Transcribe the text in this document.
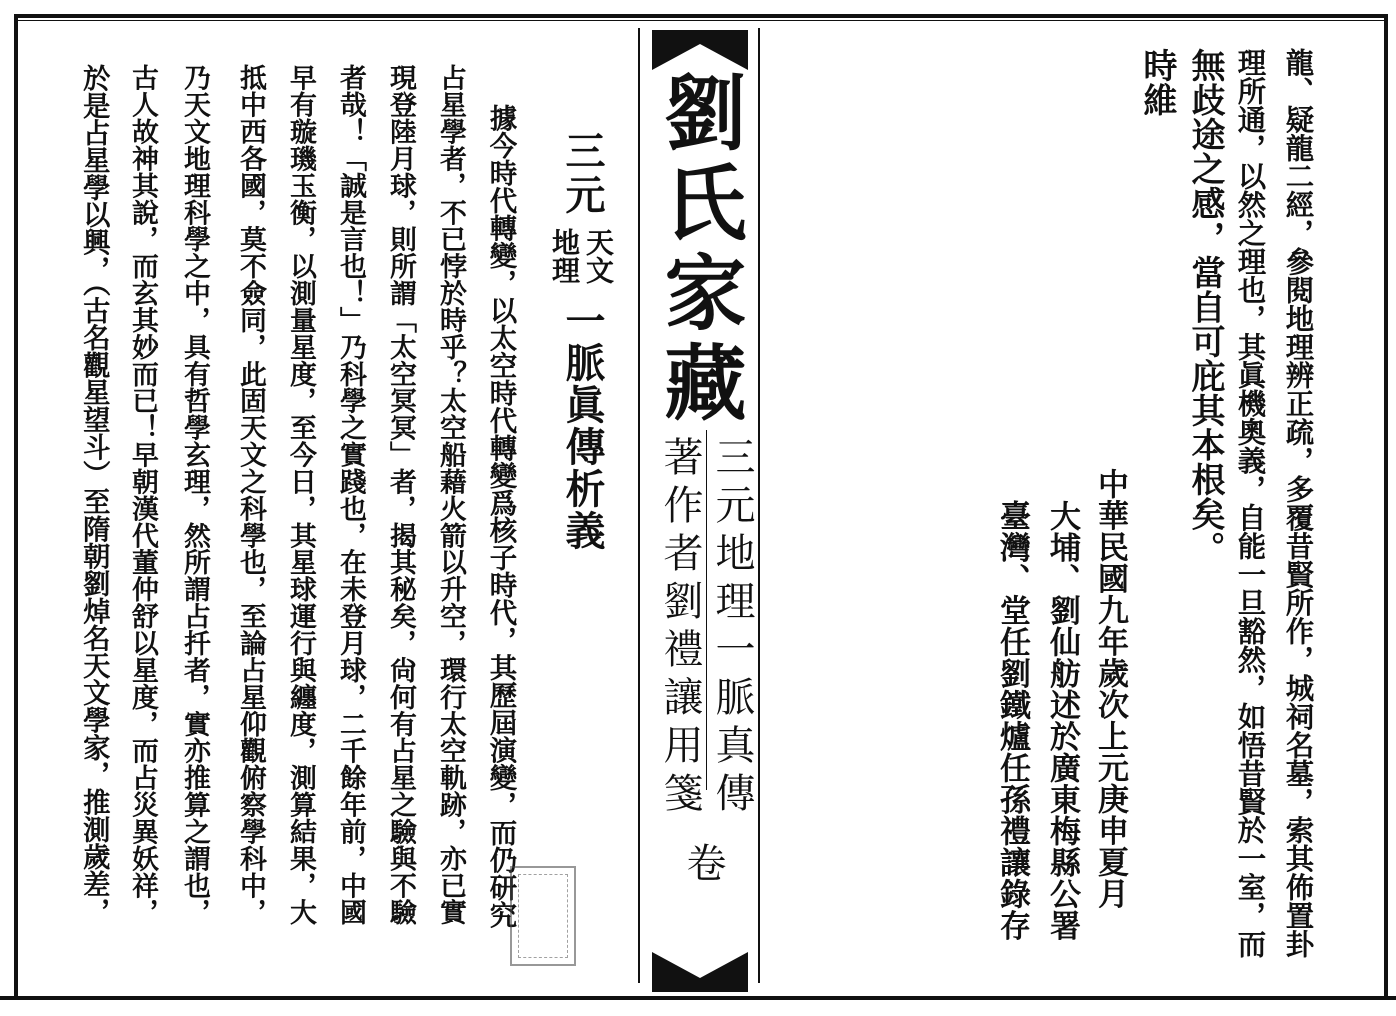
龍、疑龍二經，參閱地理辨正疏，多覆昔賢所作，城祠名墓，索其佈置卦
理所通，以然之理也，其眞機奧義，自能一旦豁然，如悟昔賢於一室，而
無歧途之感，當自可庇其本根矣。
時維
中華民國九年歲次上元庚申夏月
大埔、劉仙舫述於廣東梅縣公署
臺灣、堂任劉鐵爐任孫禮讓錄存
劉氏家藏
三元地理一脈真傳
著作者劉禮讓用箋
卷
三元
天文
地理
一脈眞傳析義
據今時代轉變，以太空時代轉變爲核子時代，其歷屆演變，而仍研究
占星學者，不已悖於時乎？太空船藉火箭以升空，環行太空軌跡，亦已實
現登陸月球，則所謂「太空冥冥」者，揭其秘矣，尙何有占星之驗與不驗
者哉！「誠是言也！」乃科學之實踐也，在未登月球，二千餘年前，中國
早有璇璣玉衡，以測量星度，至今日，其星球運行與纏度，測算結果，大
抵中西各國，莫不僉同，此固天文之科學也，至論占星仰觀俯察學科中，
乃天文地理科學之中，具有哲學玄理，然所謂占扦者，實亦推算之謂也，
古人故神其說，而玄其妙而已！早朝漢代董仲舒以星度，而占災異妖祥，
於是占星學以興，（古名觀星望斗）至隋朝劉焯名天文學家，推測歲差，
